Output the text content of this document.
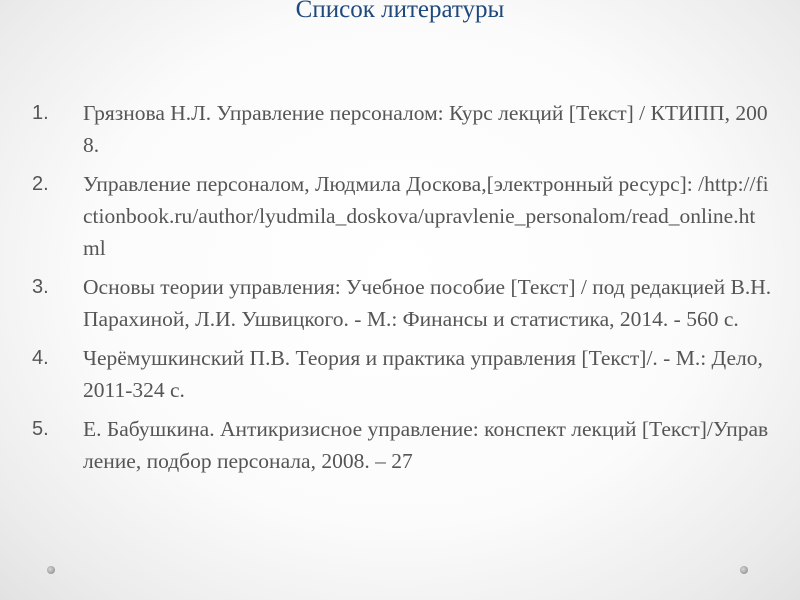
Список литературы
1. Грязнова Н.Л. Управление персоналом: Курс лекций [Текст] / КТИПП, 2008.
2. Управление персоналом, Людмила Доскова,[электронный ресурс]: /http://fictionbook.ru/author/lyudmila_doskova/upravlenie_personalom/read_online.html
3. Основы теории управления: Учебное пособие [Текст] / под редакцией В.Н. Парахиной, Л.И. Ушвицкого. - М.: Финансы и статистика, 2014. - 560 с.
4. Черёмушкинский П.В. Теория и практика управления [Текст]/. - М.: Дело, 2011-324 с.
5. Е. Бабушкина. Антикризисное управление: конспект лекций [Текст]/Управление, подбор персонала, 2008. – 27
